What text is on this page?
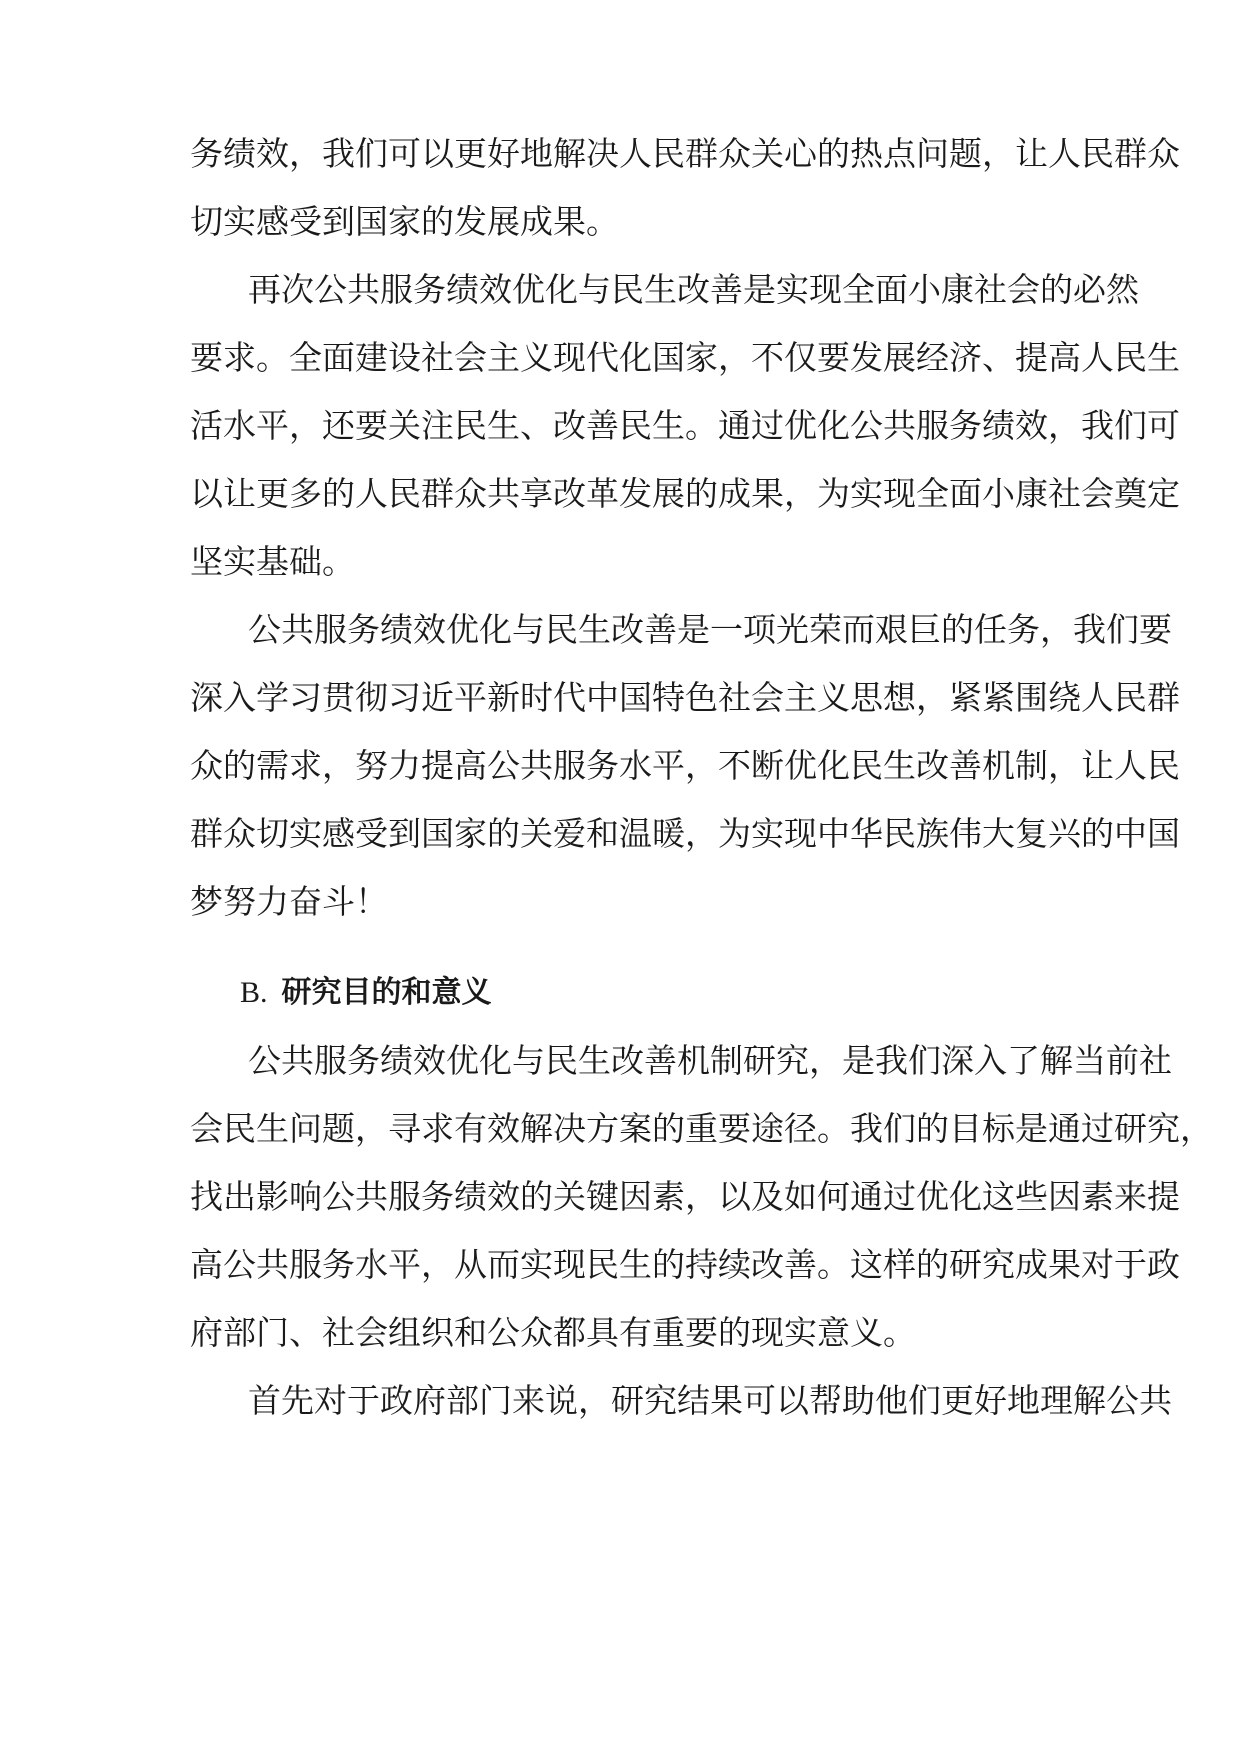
务绩效，我们可以更好地解决人民群众关心的热点问题，让人民群众
切实感受到国家的发展成果。
再次公共服务绩效优化与民生改善是实现全面小康社会的必然
要求。全面建设社会主义现代化国家，不仅要发展经济、提高人民生
活水平，还要关注民生、改善民生。通过优化公共服务绩效，我们可
以让更多的人民群众共享改革发展的成果，为实现全面小康社会奠定
坚实基础。
公共服务绩效优化与民生改善是一项光荣而艰巨的任务，我们要
深入学习贯彻习近平新时代中国特色社会主义思想，紧紧围绕人民群
众的需求，努力提高公共服务水平，不断优化民生改善机制，让人民
群众切实感受到国家的关爱和温暖，为实现中华民族伟大复兴的中国
梦努力奋斗！
B. 研究目的和意义
公共服务绩效优化与民生改善机制研究，是我们深入了解当前社
会民生问题，寻求有效解决方案的重要途径。我们的目标是通过研究，
找出影响公共服务绩效的关键因素，以及如何通过优化这些因素来提
高公共服务水平，从而实现民生的持续改善。这样的研究成果对于政
府部门、社会组织和公众都具有重要的现实意义。
首先对于政府部门来说，研究结果可以帮助他们更好地理解公共
